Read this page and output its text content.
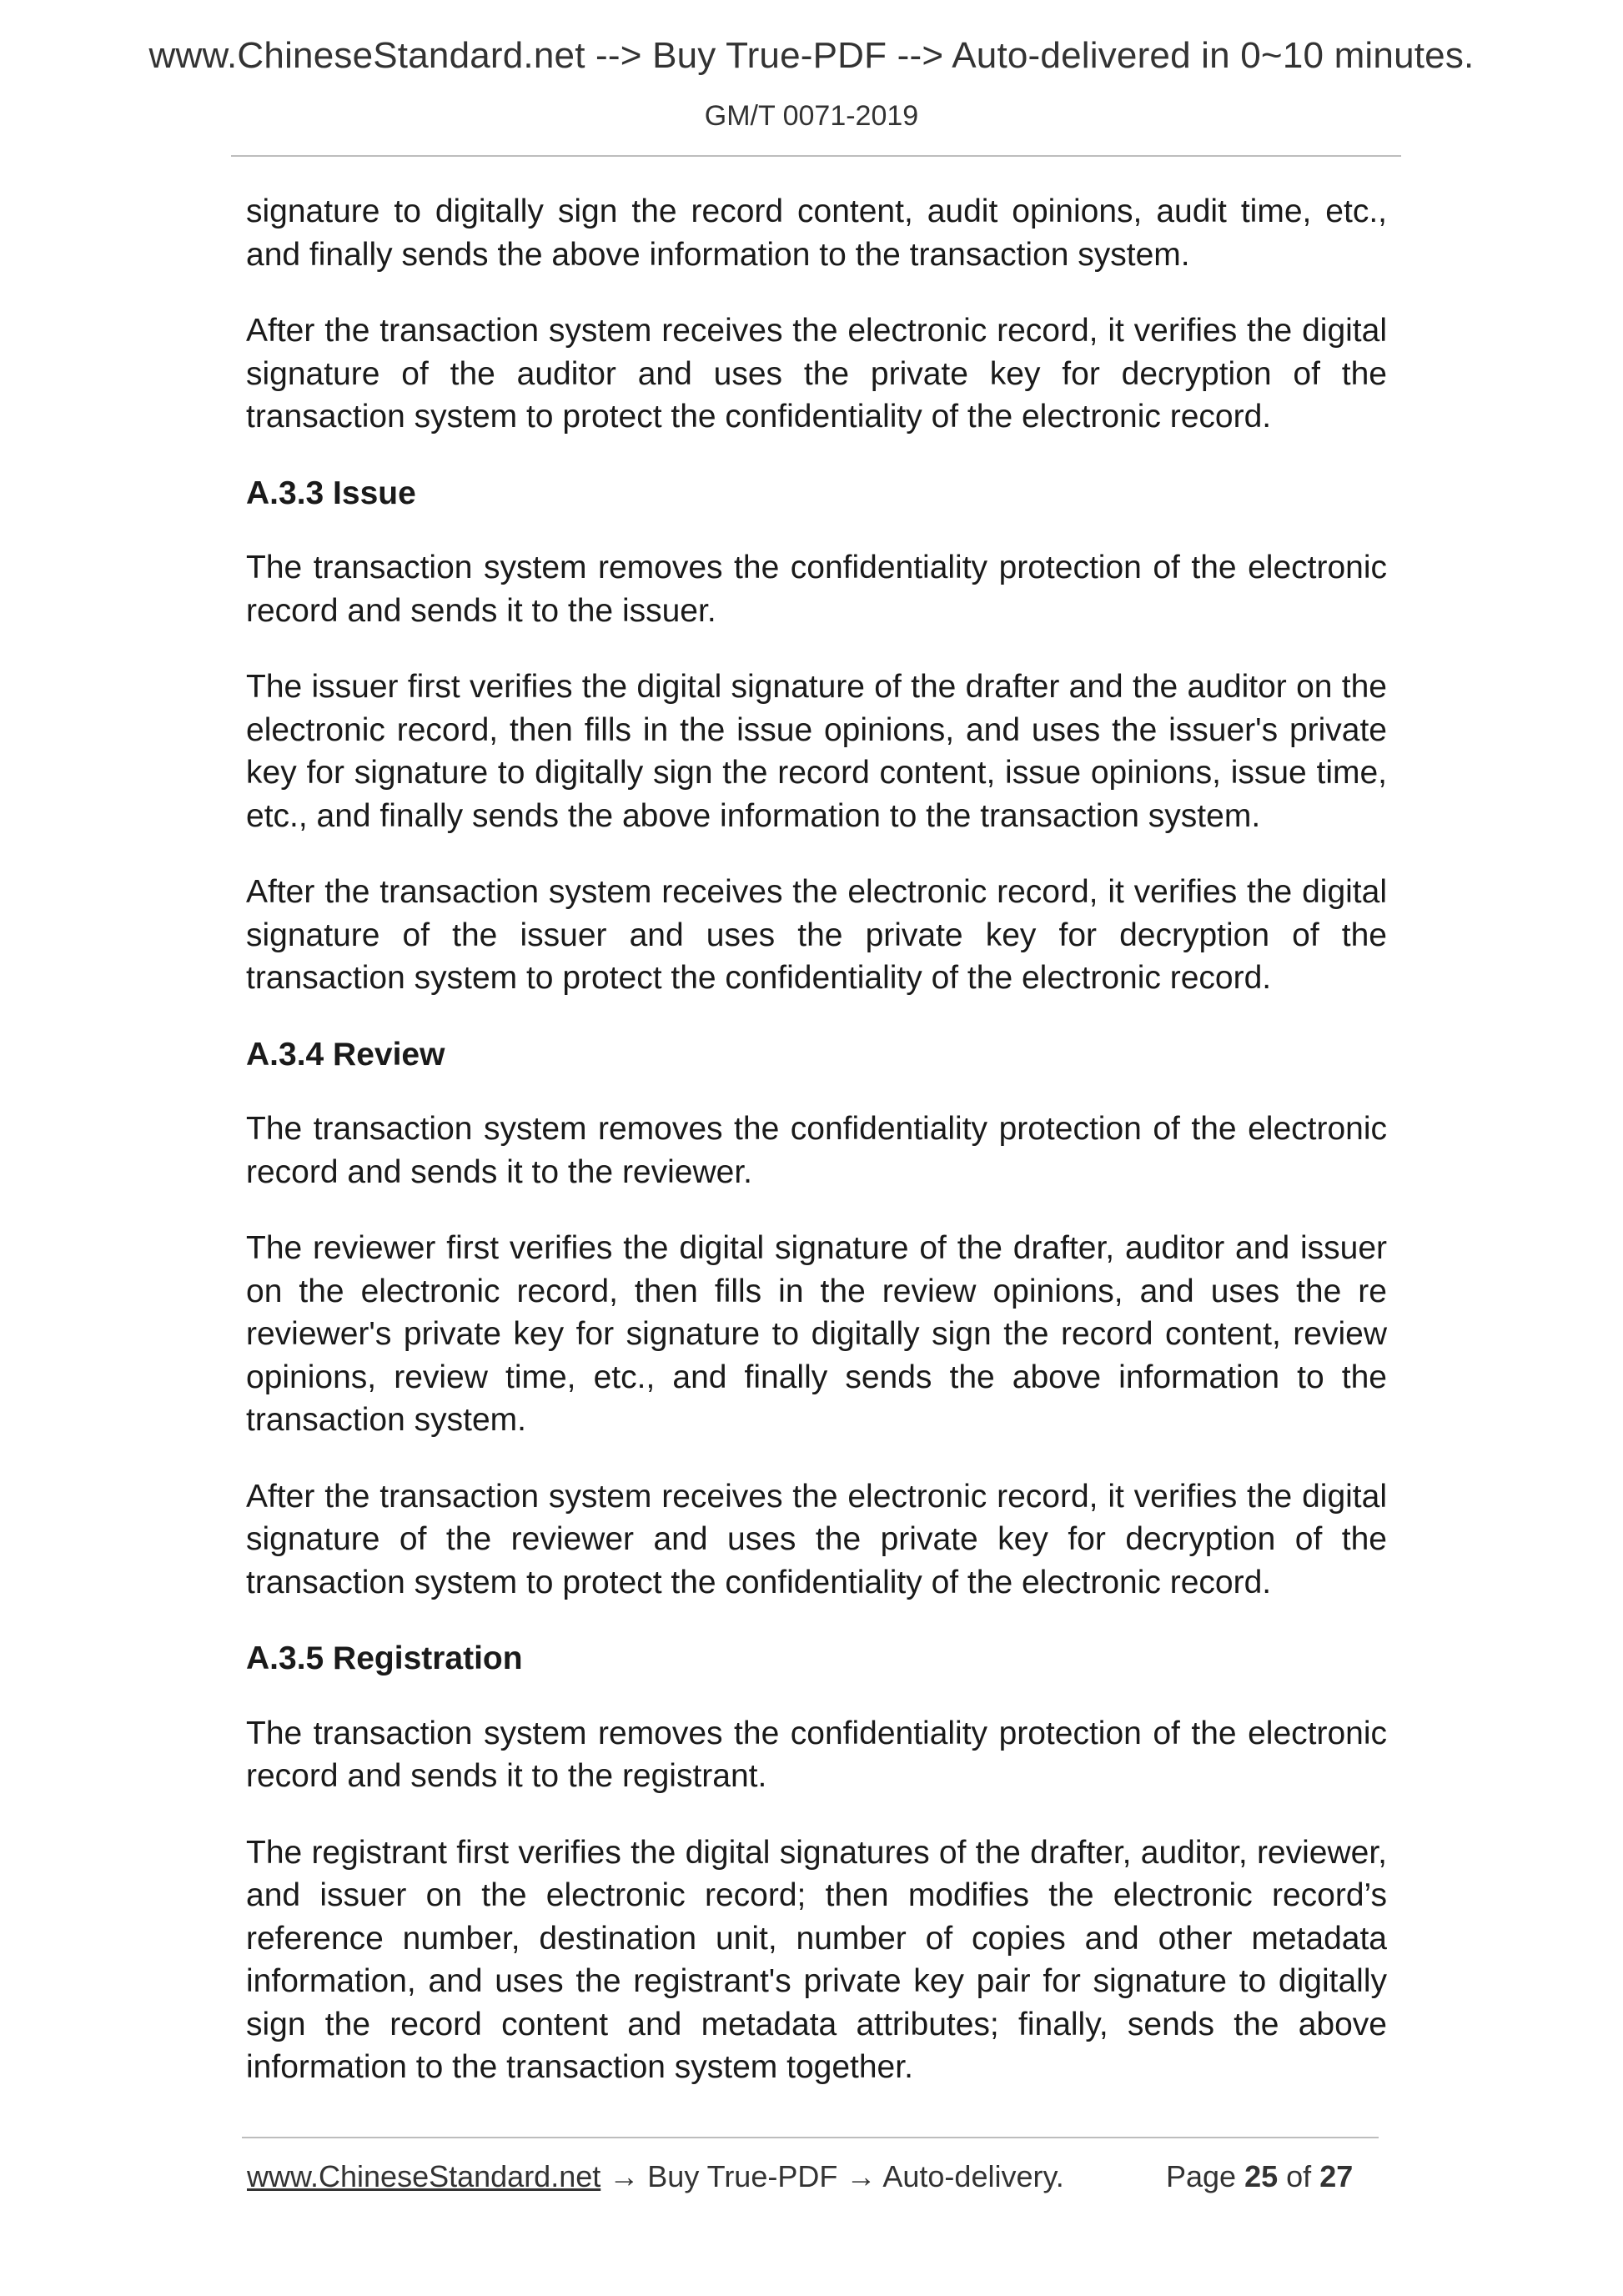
www.ChineseStandard.net --> Buy True-PDF --> Auto-delivered in 0~10 minutes.
GM/T 0071-2019

signature to digitally sign the record content, audit opinions, audit time, etc., and finally sends the above information to the transaction system.

After the transaction system receives the electronic record, it verifies the digital signature of the auditor and uses the private key for decryption of the transaction system to protect the confidentiality of the electronic record.

A.3.3 Issue

The transaction system removes the confidentiality protection of the electronic record and sends it to the issuer.

The issuer first verifies the digital signature of the drafter and the auditor on the electronic record, then fills in the issue opinions, and uses the issuer's private key for signature to digitally sign the record content, issue opinions, issue time, etc., and finally sends the above information to the transaction system.

After the transaction system receives the electronic record, it verifies the digital signature of the issuer and uses the private key for decryption of the transaction system to protect the confidentiality of the electronic record.

A.3.4 Review

The transaction system removes the confidentiality protection of the electronic record and sends it to the reviewer.

The reviewer first verifies the digital signature of the drafter, auditor and issuer on the electronic record, then fills in the review opinions, and uses the re reviewer's private key for signature to digitally sign the record content, review opinions, review time, etc., and finally sends the above information to the transaction system.

After the transaction system receives the electronic record, it verifies the digital signature of the reviewer and uses the private key for decryption of the transaction system to protect the confidentiality of the electronic record.

A.3.5 Registration

The transaction system removes the confidentiality protection of the electronic record and sends it to the registrant.

The registrant first verifies the digital signatures of the drafter, auditor, reviewer, and issuer on the electronic record; then modifies the electronic record’s reference number, destination unit, number of copies and other metadata information, and uses the registrant's private key pair for signature to digitally sign the record content and metadata attributes; finally, sends the above information to the transaction system together.

www.ChineseStandard.net → Buy True-PDF → Auto-delivery.	Page 25 of 27
